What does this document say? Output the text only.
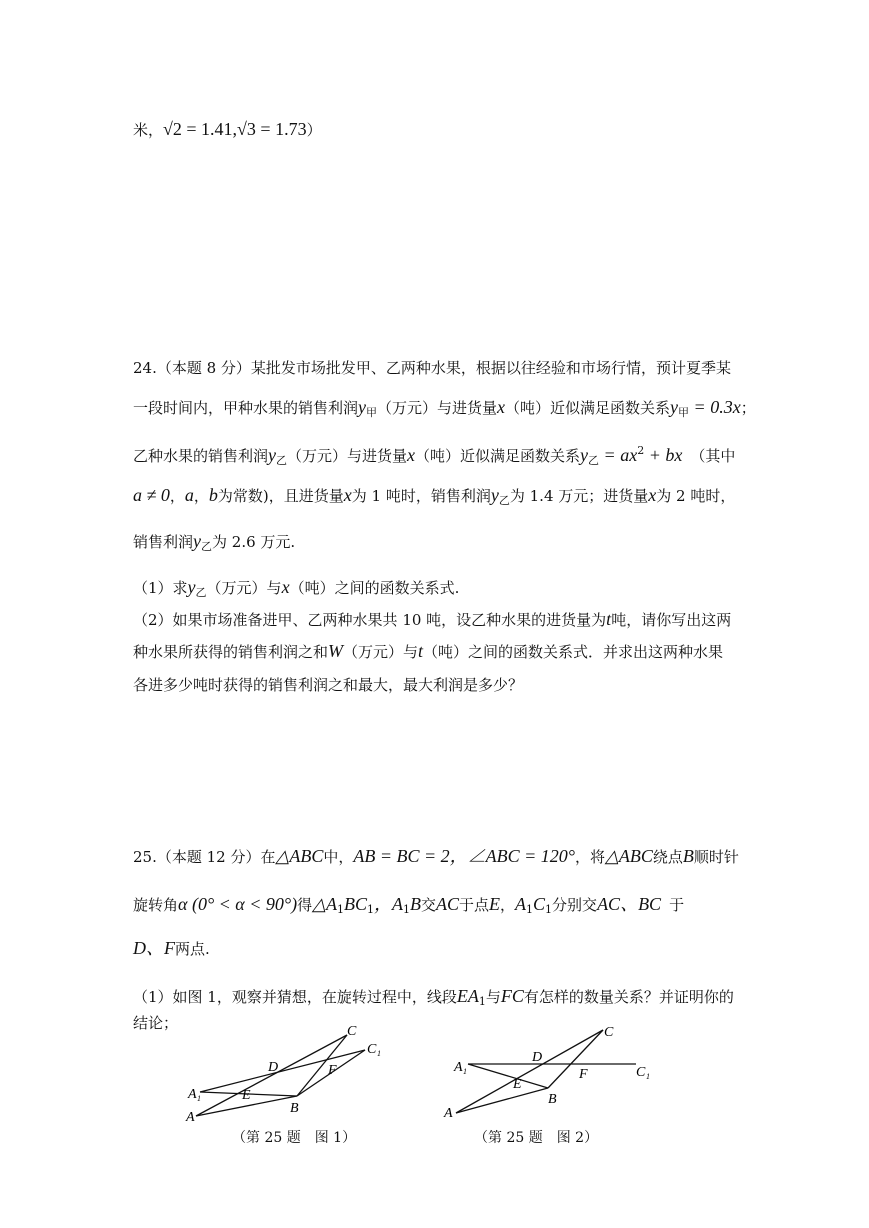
米，√2 = 1.41,√3 = 1.73）
24.（本题 8 分）某批发市场批发甲、乙两种水果，根据以往经验和市场行情，预计夏季某
一段时间内，甲种水果的销售利润$y_甲$（万元）与进货量x（吨）近似满足函数关系$y_甲 = 0.3x$；
乙种水果的销售利润$y_乙$（万元）与进货量x（吨）近似满足函数关系$y_乙 = ax^2$ + bx （其中
a ≠ 0，a，b为常数)，且进货量x为 1 吨时，销售利润$y_乙$为 1.4 万元；进货量x为 2 吨时，
销售利润$y_乙$为 2.6 万元.
（1）求$y_乙$（万元）与x（吨）之间的函数关系式.
（2）如果市场准备进甲、乙两种水果共 10 吨，设乙种水果的进货量为t吨，请你写出这两
种水果所获得的销售利润之和W（万元）与t（吨）之间的函数关系式．并求出这两种水果
各进多少吨时获得的销售利润之和最大，最大利润是多少？
25.（本题 12 分）在△ABC中，AB = BC = 2，∠ABC = 120°，将△ABC绕点B顺时针
旋转角α (0° < α < 90°)得$\triangle A_1BC_1$，$A_1B$交AC于点E，$A_1C_1$分别交AC、BC 于
D、F两点.
（1）如图 1，观察并猜想，在旋转过程中，线段$EA_1$与FC有怎样的数量关系？并证明你的
结论；	C
C 1
D	F
E
A 1
A
B
（第 25 题　图 1）
C
D
A 1	F	C 1
E
A
B
（第 25 题　图 2）
